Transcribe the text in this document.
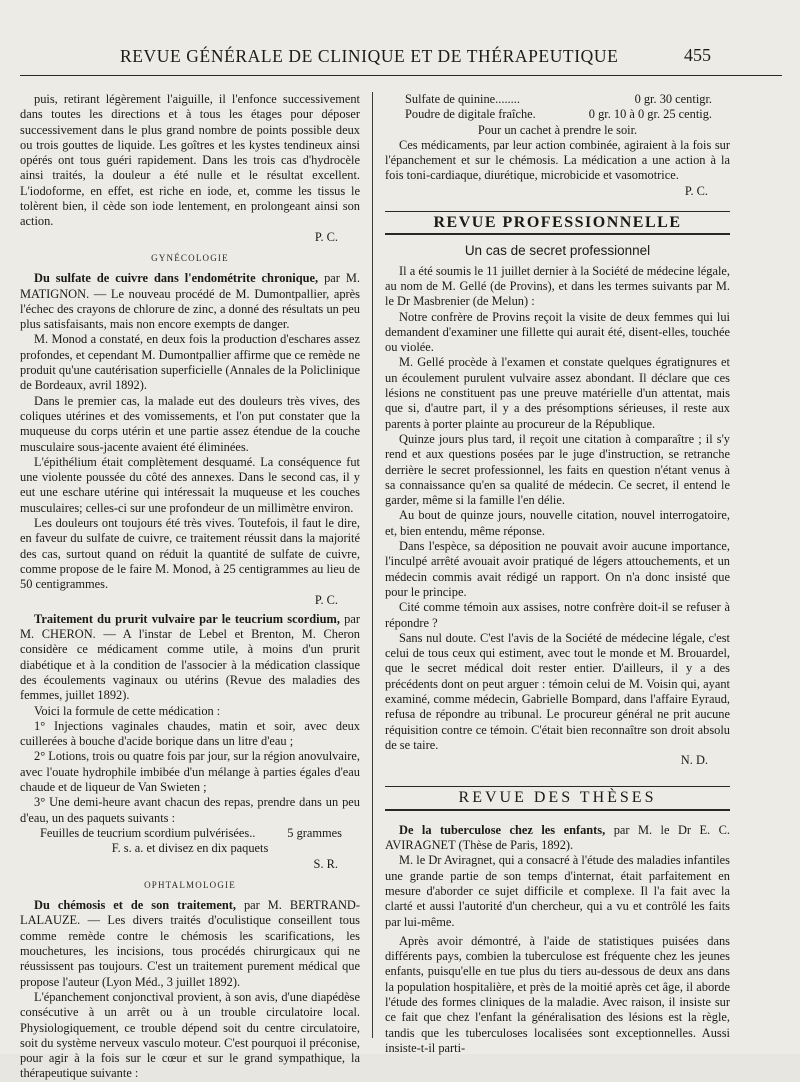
REVUE GÉNÉRALE DE CLINIQUE ET DE THÉRAPEUTIQUE	455

puis, retirant légèrement l'aiguille, il l'enfonce successivement dans toutes les directions et à tous les étages pour déposer successivement dans le plus grand nombre de points possible deux ou trois gouttes de liquide. Les goîtres et les kystes tendineux ainsi opérés ont tous guéri rapidement. Dans les trois cas d'hydrocèle ainsi traités, la douleur a été nulle et le résultat excellent. L'iodoforme, en effet, est riche en iode, et, comme les tissus le tolèrent bien, il cède son iode lentement, en prolongeant ainsi son action.

P. C.

GYNÉCOLOGIE

Du sulfate de cuivre dans l'endométrite chronique, par M. MATIGNON. — Le nouveau procédé de M. Dumontpallier, après l'échec des crayons de chlorure de zinc, a donné des résultats un peu plus satisfaisants, mais non encore exempts de danger.

M. Monod a constaté, en deux fois la production d'eschares assez profondes, et cependant M. Dumontpallier affirme que ce remède ne produit qu'une cautérisation superficielle (Annales de la Policlinique de Bordeaux, avril 1892).

Dans le premier cas, la malade eut des douleurs très vives, des coliques utérines et des vomissements, et l'on put constater que la muqueuse du corps utérin et une partie assez étendue de la couche musculaire sous-jacente avaient été éliminées.

L'épithélium était complètement desquamé. La conséquence fut une violente poussée du côté des annexes. Dans le second cas, il y eut une eschare utérine qui intéressait la muqueuse et les couches musculaires; celles-ci sur une profondeur de un millimètre environ.

Les douleurs ont toujours été très vives. Toutefois, il faut le dire, en faveur du sulfate de cuivre, ce traitement réussit dans la majorité des cas, surtout quand on réduit la quantité de sulfate de cuivre, comme propose de le faire M. Monod, à 25 centigrammes au lieu de 50 centigrammes.

P. C.

Traitement du prurit vulvaire par le teucrium scordium, par M. CHERON. — A l'instar de Lebel et Brenton, M. Cheron considère ce médicament comme utile, à moins d'un prurit diabétique et à la condition de l'associer à la médication classique des écoulements vaginaux ou utérins (Revue des maladies des femmes, juillet 1892).

Voici la formule de cette médication :

1° Injections vaginales chaudes, matin et soir, avec deux cuillerées à bouche d'acide borique dans un litre d'eau ;

2° Lotions, trois ou quatre fois par jour, sur la région anovulvaire, avec l'ouate hydrophile imbibée d'un mélange à parties égales d'eau chaude et de liqueur de Van Swieten ;

3° Une demi-heure avant chacun des repas, prendre dans un peu d'eau, un des paquets suivants :

Feuilles de teucrium scordium pulvérisées..	5 grammes

F. s. a. et divisez en dix paquets

S. R.

OPHTALMOLOGIE

Du chémosis et de son traitement, par M. BERTRAND-LALAUZE. — Les divers traités d'oculistique conseillent tous comme remède contre le chémosis les scarifications, les mouchetures, les incisions, tous procédés chirurgicaux qui ne réussissent pas toujours. C'est un traitement purement médical que propose l'auteur (Lyon Méd., 3 juillet 1892).

L'épanchement conjonctival provient, à son avis, d'une diapédèse consécutive à un arrêt ou à un trouble circulatoire local. Physiologiquement, ce trouble dépend soit du centre circulatoire, soit du système nerveux vasculo moteur. C'est pourquoi il préconise, pour agir à la fois sur le cœur et sur le grand sympathique, la thérapeutique suivante :

Sulfate de quinine........	0 gr. 30 centigr.
Poudre de digitale fraîche.	0 gr. 10 à 0 gr. 25 centig.

Pour un cachet à prendre le soir.

Ces médicaments, par leur action combinée, agiraient à la fois sur l'épanchement et sur le chémosis. La médication a une action à la fois toni-cardiaque, diurétique, microbicide et vasomotrice.

P. C.

REVUE PROFESSIONNELLE
Un cas de secret professionnel

Il a été soumis le 11 juillet dernier à la Société de médecine légale, au nom de M. Gellé (de Provins), et dans les termes suivants par M. le Dr Masbrenier (de Melun) :

Notre confrère de Provins reçoit la visite de deux femmes qui lui demandent d'examiner une fillette qui aurait été, disent-elles, touchée ou violée.

M. Gellé procède à l'examen et constate quelques égratignures et un écoulement purulent vulvaire assez abondant. Il déclare que ces lésions ne constituent pas une preuve matérielle d'un attentat, mais que si, d'autre part, il y a des présomptions sérieuses, il reste aux parents à porter plainte au procureur de la République.

Quinze jours plus tard, il reçoit une citation à comparaître ; il s'y rend et aux questions posées par le juge d'instruction, se retranche derrière le secret professionnel, les faits en question n'étant venus à sa connaissance qu'en sa qualité de médecin. Ce secret, il entend le garder, même si la famille l'en délie.

Au bout de quinze jours, nouvelle citation, nouvel interrogatoire, et, bien entendu, même réponse.

Dans l'espèce, sa déposition ne pouvait avoir aucune importance, l'inculpé arrêté avouait avoir pratiqué de légers attouchements, et un médecin commis avait rédigé un rapport. On n'a donc insisté que pour le principe.

Cité comme témoin aux assises, notre confrère doit-il se refuser à répondre ?

Sans nul doute. C'est l'avis de la Société de médecine légale, c'est celui de tous ceux qui estiment, avec tout le monde et M. Brouardel, que le secret médical doit rester entier. D'ailleurs, il y a des précédents dont on peut arguer : témoin celui de M. Voisin qui, ayant examiné, comme médecin, Gabrielle Bompard, dans l'affaire Eyraud, refusa de répondre au tribunal. Le procureur général ne prit aucune réquisition contre ce témoin. C'était bien reconnaître son droit absolu de se taire.

N. D.

REVUE DES THÈSES

De la tuberculose chez les enfants, par M. le Dr E. C. AVIRAGNET (Thèse de Paris, 1892).

M. le Dr Aviragnet, qui a consacré à l'étude des maladies infantiles une grande partie de son temps d'internat, était parfaitement en mesure d'aborder ce sujet difficile et complexe. Il l'a fait avec la clarté et aussi l'autorité d'un chercheur, qui a vu et contrôlé les faits par lui-même.

Après avoir démontré, à l'aide de statistiques puisées dans différents pays, combien la tuberculose est fréquente chez les jeunes enfants, puisqu'elle en tue plus du tiers au-dessous de deux ans dans la population hospitalière, et près de la moitié après cet âge, il aborde l'étude des formes cliniques de la maladie. Avec raison, il insiste sur ce fait que chez l'enfant la généralisation des lésions est la règle, tandis que les tuberculoses localisées sont exceptionnelles. Aussi insiste-t-il parti-
